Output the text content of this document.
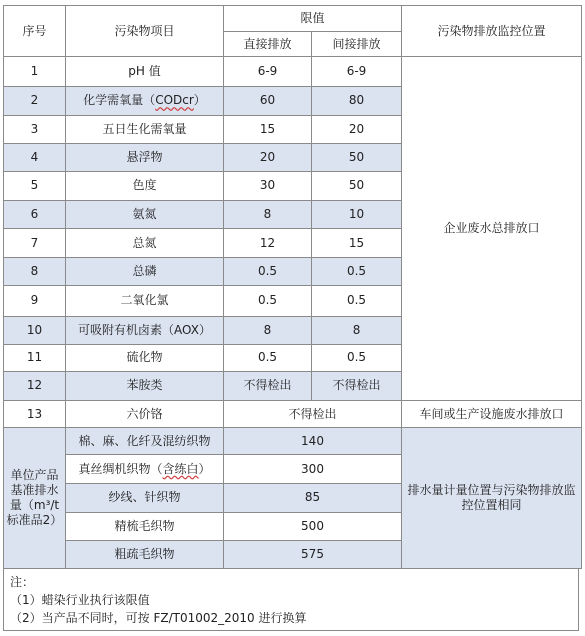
序号	污染物项目	限值		污染物排放监控位置
		直接排放	间接排放	
1	pH 值	6-9	6-9	企业废水总排放口
2	化学需氧量（CODcr）	60	80	
3	五日生化需氧量	15	20	
4	悬浮物	20	50	
5	色度	30	50	
6	氨氮	8	10	
7	总氮	12	15	
8	总磷	0.5	0.5	
9	二氧化氯	0.5	0.5	
10	可吸附有机卤素（AOX）	8	8	
11	硫化物	0.5	0.5	
12	苯胺类	不得检出	不得检出	
13	六价铬	不得检出		车间或生产设施废水排放口
单位产品基准排水量（m³/t标准品2）	棉、麻、化纤及混纺织物	140		排水量计量位置与污染物排放监控位置相同
	真丝绸机织物（含练白）	300		
	纱线、针织物	85		
	精梳毛织物	500		
	粗疏毛织物	575		
注：
（1）蜡染行业执行该限值
（2）当产品不同时，可按 FZ/T01002_2010 进行换算
